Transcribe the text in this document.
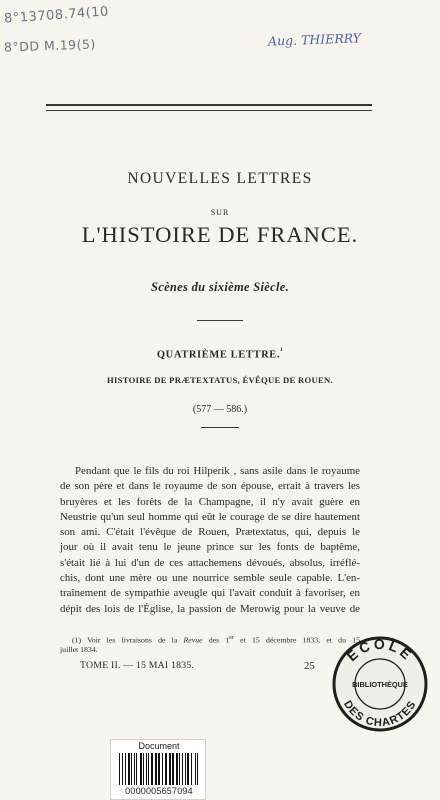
8°13708.74(10
8°DD M.19(5)	Aug. THIERRY
NOUVELLES LETTRES
SUR
L'HISTOIRE DE FRANCE.
Scènes du sixième Siècle.
QUATRIÈME LETTRE.$^{^1}$
HISTOIRE DE PRÆTEXTATUS, ÉVÊQUE DE ROUEN.
(577 — 586.)
Pendant que le fils du roi Hilperik , sans asile dans le royaume
de son père et dans le royaume de son épouse, errait à travers les
bruyères et les forêts de la Champagne, il n'y avait guère en
Neustrie qu'un seul homme qui eût le courage de se dire hautement
son ami. C'était l'évêque de Rouen, Prætextatus, qui, depuis le
jour où il avait tenu le jeune prince sur les fonts de baptême,
s'était lié à lui d'un de ces attachemens dévoués, absolus, irréflé-
chis, dont une mère ou une nourrice semble seule capable. L'en-
traînement de sympathie aveugle qui l'avait conduit à favoriser, en
dépit des lois de l'Église, la passion de Merowig pour la veuve de
(1) Voir les livraisons de la Revue des 1er et 15 décembre 1833, et du 15
juillet 1834.
TOME II. — 15 MAI 1835.	25
ÉCOLE
DES CHARTES
BIBLIOTHÈQUE
Document
0000005657094
